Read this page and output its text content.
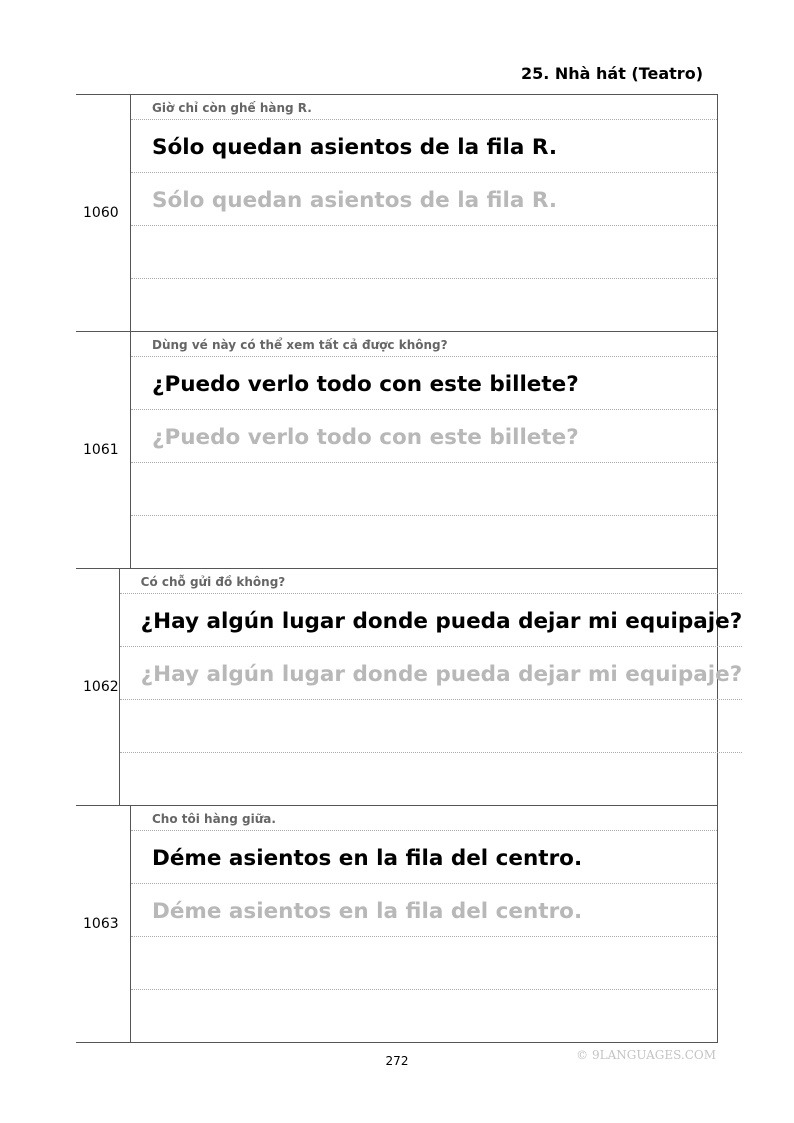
25. Nhà hát (Teatro)
1060
Giờ chỉ còn ghế hàng R.
Sólo quedan asientos de la fila R.
Sólo quedan asientos de la fila R.
1061
Dùng vé này có thể xem tất cả được không?
¿Puedo verlo todo con este billete?
¿Puedo verlo todo con este billete?
1062
Có chỗ gửi đồ không?
¿Hay algún lugar donde pueda dejar mi equipaje?
¿Hay algún lugar donde pueda dejar mi equipaje?
1063
Cho tôi hàng giữa.
Déme asientos en la fila del centro.
Déme asientos en la fila del centro.
272	© 9LANGUAGES.COM
